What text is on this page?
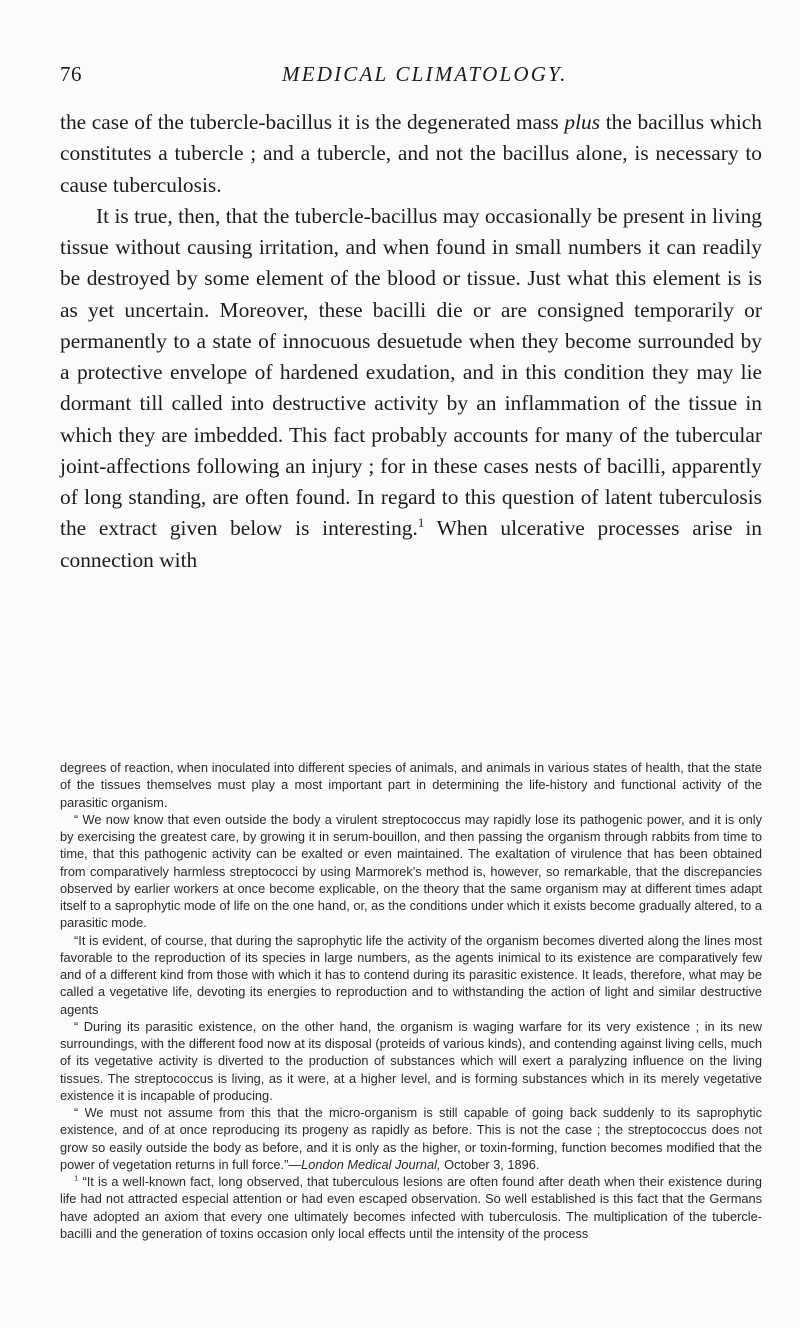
76	MEDICAL CLIMATOLOGY.

the case of the tubercle-bacillus it is the degenerated mass plus the bacillus which constitutes a tubercle ; and a tubercle, and not the bacillus alone, is necessary to cause tuberculosis.

It is true, then, that the tubercle-bacillus may occasionally be present in living tissue without causing irritation, and when found in small numbers it can readily be destroyed by some element of the blood or tissue. Just what this element is is as yet uncertain. Moreover, these bacilli die or are consigned temporarily or permanently to a state of innocuous desuetude when they become surrounded by a protective envelope of hardened exudation, and in this condition they may lie dormant till called into destructive activity by an inflammation of the tissue in which they are imbedded. This fact probably accounts for many of the tubercular joint-affections following an injury ; for in these cases nests of bacilli, apparently of long standing, are often found. In regard to this question of latent tuberculosis the extract given below is interesting.$^1$ When ulcerative processes arise in connection with

degrees of reaction, when inoculated into different species of animals, and animals in various states of health, that the state of the tissues themselves must play a most important part in determining the life-history and functional activity of the parasitic organism.

“ We now know that even outside the body a virulent streptococcus may rapidly lose its pathogenic power, and it is only by exercising the greatest care, by growing it in serum-bouillon, and then passing the organism through rabbits from time to time, that this pathogenic activity can be exalted or even maintained. The exaltation of virulence that has been obtained from comparatively harmless streptococci by using Marmorek's method is, however, so remarkable, that the discrepancies observed by earlier workers at once become explicable, on the theory that the same organism may at different times adapt itself to a saprophytic mode of life on the one hand, or, as the conditions under which it exists become gradually altered, to a parasitic mode.

“It is evident, of course, that during the saprophytic life the activity of the organism becomes diverted along the lines most favorable to the reproduction of its species in large numbers, as the agents inimical to its existence are comparatively few and of a different kind from those with which it has to contend during its parasitic existence. It leads, therefore, what may be called a vegetative life, devoting its energies to reproduction and to withstanding the action of light and similar destructive agents

“ During its parasitic existence, on the other hand, the organism is waging warfare for its very existence ; in its new surroundings, with the different food now at its disposal (proteids of various kinds), and contending against living cells, much of its vegetative activity is diverted to the production of substances which will exert a paralyzing influence on the living tissues. The streptococcus is living, as it were, at a higher level, and is forming substances which in its merely vegetative existence it is incapable of producing.

“ We must not assume from this that the micro-organism is still capable of going back suddenly to its saprophytic existence, and of at once reproducing its progeny as rapidly as before. This is not the case ; the streptococcus does not grow so easily outside the body as before, and it is only as the higher, or toxin-forming, function becomes modified that the power of vegetation returns in full force.”—London Medical Journal, October 3, 1896.

$^1$ “It is a well-known fact, long observed, that tuberculous lesions are often found after death when their existence during life had not attracted especial attention or had even escaped observation. So well established is this fact that the Germans have adopted an axiom that every one ultimately becomes infected with tuberculosis. The multiplication of the tubercle-bacilli and the generation of toxins occasion only local effects until the intensity of the process
